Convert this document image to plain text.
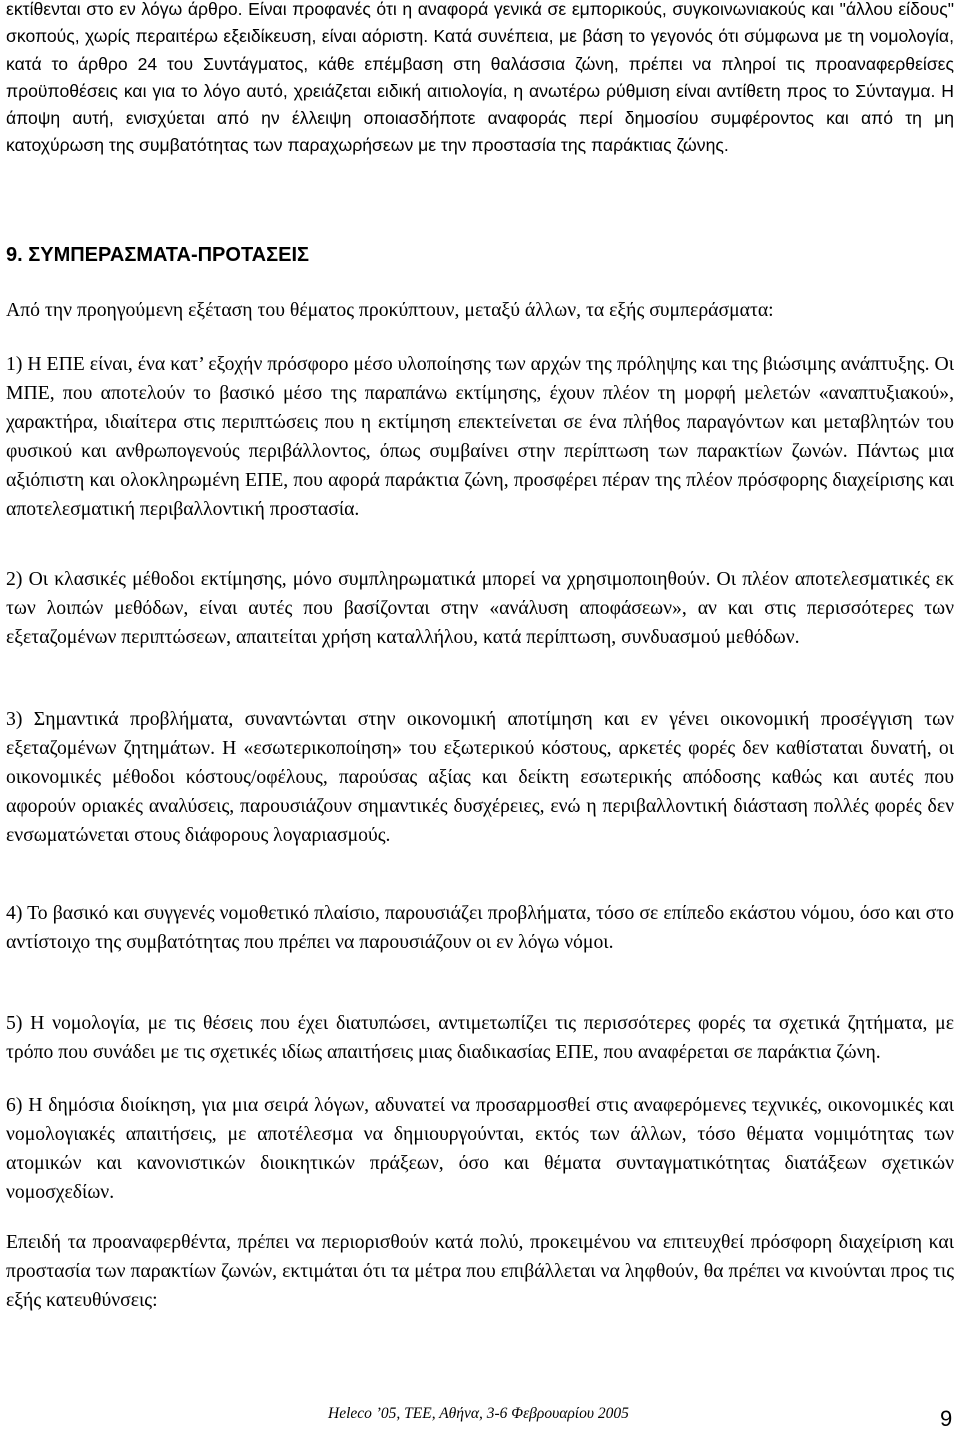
εκτίθενται στο εν λόγω άρθρο. Είναι προφανές ότι η αναφορά γενικά σε εμπορικούς, συγκοινωνιακούς και "άλλου είδους" σκοπούς, χωρίς περαιτέρω εξειδίκευση, είναι αόριστη. Κατά συνέπεια, με βάση το γεγονός ότι σύμφωνα με τη νομολογία, κατά το άρθρο 24 του Συντάγματος, κάθε επέμβαση στη θαλάσσια ζώνη, πρέπει να πληροί τις προαναφερθείσες προϋποθέσεις και για το λόγο αυτό, χρειάζεται ειδική αιτιολογία, η ανωτέρω ρύθμιση είναι αντίθετη προς το Σύνταγμα. Η άποψη αυτή, ενισχύεται από ην έλλειψη οποιασδήποτε αναφοράς περί δημοσίου συμφέροντος και από τη μη κατοχύρωση της συμβατότητας των παραχωρήσεων με την προστασία της παράκτιας ζώνης.

9. ΣΥΜΠΕΡΑΣΜΑΤΑ-ΠΡΟΤΑΣΕΙΣ

Από την προηγούμενη εξέταση του θέματος προκύπτουν, μεταξύ άλλων, τα εξής συμπεράσματα:

1) Η ΕΠΕ είναι, ένα κατ’ εξοχήν πρόσφορο μέσο υλοποίησης των αρχών της πρόληψης και της βιώσιμης ανάπτυξης. Οι ΜΠΕ, που αποτελούν το βασικό μέσο της παραπάνω εκτίμησης, έχουν πλέον τη μορφή μελετών «αναπτυξιακού», χαρακτήρα, ιδιαίτερα στις περιπτώσεις που η εκτίμηση επεκτείνεται σε ένα πλήθος παραγόντων και μεταβλητών του φυσικού και ανθρωπογενούς περιβάλλοντος, όπως συμβαίνει στην περίπτωση των παρακτίων ζωνών. Πάντως μια αξιόπιστη και ολοκληρωμένη ΕΠΕ, που αφορά παράκτια ζώνη, προσφέρει πέραν της πλέον πρόσφορης διαχείρισης και αποτελεσματική περιβαλλοντική προστασία.

2) Οι κλασικές μέθοδοι εκτίμησης, μόνο συμπληρωματικά μπορεί να χρησιμοποιηθούν. Οι πλέον αποτελεσματικές εκ των λοιπών μεθόδων, είναι αυτές που βασίζονται στην «ανάλυση αποφάσεων», αν και στις περισσότερες των εξεταζομένων περιπτώσεων, απαιτείται χρήση καταλλήλου, κατά περίπτωση, συνδυασμού μεθόδων.

3) Σημαντικά προβλήματα, συναντώνται στην οικονομική αποτίμηση και εν γένει οικονομική προσέγγιση των εξεταζομένων ζητημάτων. Η «εσωτερικοποίηση» του εξωτερικού κόστους, αρκετές φορές δεν καθίσταται δυνατή, οι οικονομικές μέθοδοι κόστους/οφέλους, παρούσας αξίας και δείκτη εσωτερικής απόδοσης καθώς και αυτές που αφορούν οριακές αναλύσεις, παρουσιάζουν σημαντικές δυσχέρειες, ενώ η περιβαλλοντική διάσταση πολλές φορές δεν ενσωματώνεται στους διάφορους λογαριασμούς.

4) Το βασικό και συγγενές νομοθετικό πλαίσιο, παρουσιάζει προβλήματα, τόσο σε επίπεδο εκάστου νόμου, όσο και στο αντίστοιχο της συμβατότητας που πρέπει να παρουσιάζουν οι εν λόγω νόμοι.

5) Η νομολογία, με τις θέσεις που έχει διατυπώσει, αντιμετωπίζει τις περισσότερες φορές τα σχετικά ζητήματα, με τρόπο που συνάδει με τις σχετικές ιδίως απαιτήσεις μιας διαδικασίας ΕΠΕ, που αναφέρεται σε παράκτια ζώνη.

6) Η δημόσια διοίκηση, για μια σειρά λόγων, αδυνατεί να προσαρμοσθεί στις αναφερόμενες τεχνικές, οικονομικές και νομολογιακές απαιτήσεις, με αποτέλεσμα να δημιουργούνται, εκτός των άλλων, τόσο θέματα νομιμότητας των ατομικών και κανονιστικών διοικητικών πράξεων, όσο και θέματα συνταγματικότητας διατάξεων σχετικών νομοσχεδίων.

Επειδή τα προαναφερθέντα, πρέπει να περιορισθούν κατά πολύ, προκειμένου να επιτευχθεί πρόσφορη διαχείριση και προστασία των παρακτίων ζωνών, εκτιμάται ότι τα μέτρα που επιβάλλεται να ληφθούν, θα πρέπει να κινούνται προς τις εξής κατευθύνσεις:

Heleco ’05, ΤΕΕ, Αθήνα, 3-6 Φεβρουαρίου 2005	9
